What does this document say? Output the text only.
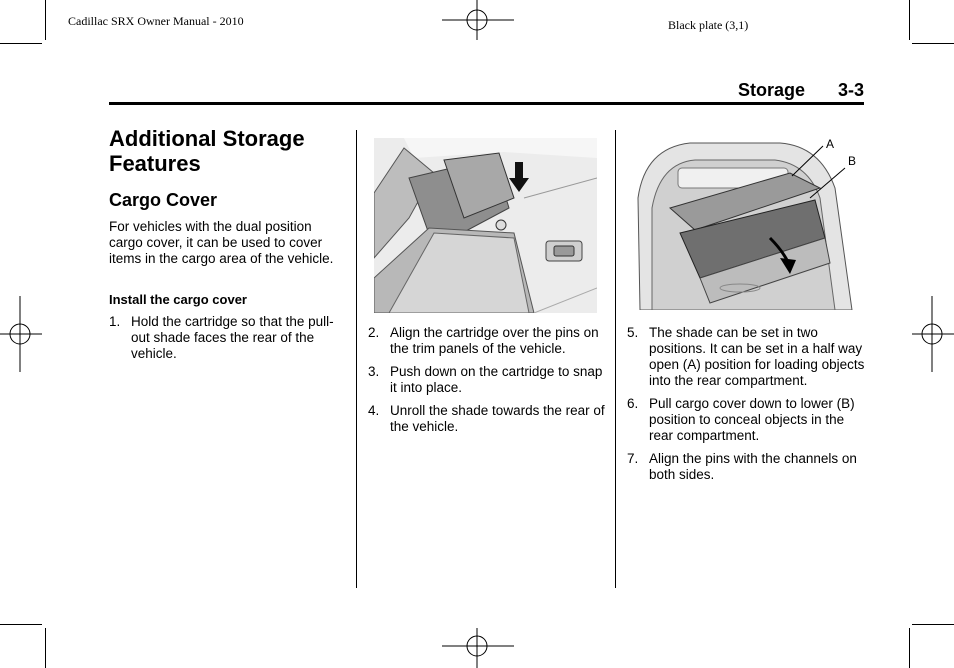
Cadillac SRX Owner Manual - 2010	Black plate (3,1)
Storage 3-3
Additional Storage Features
Cargo Cover
For vehicles with the dual position cargo cover, it can be used to cover items in the cargo area of the vehicle.
Install the cargo cover
1. Hold the cartridge so that the pull-out shade faces the rear of the vehicle.
2. Align the cartridge over the pins on the trim panels of the vehicle.
3. Push down on the cartridge to snap it into place.
4. Unroll the shade towards the rear of the vehicle.
A
B
5. The shade can be set in two positions. It can be set in a half way open (A) position for loading objects into the rear compartment.
6. Pull cargo cover down to lower (B) position to conceal objects in the rear compartment.
7. Align the pins with the channels on both sides.
